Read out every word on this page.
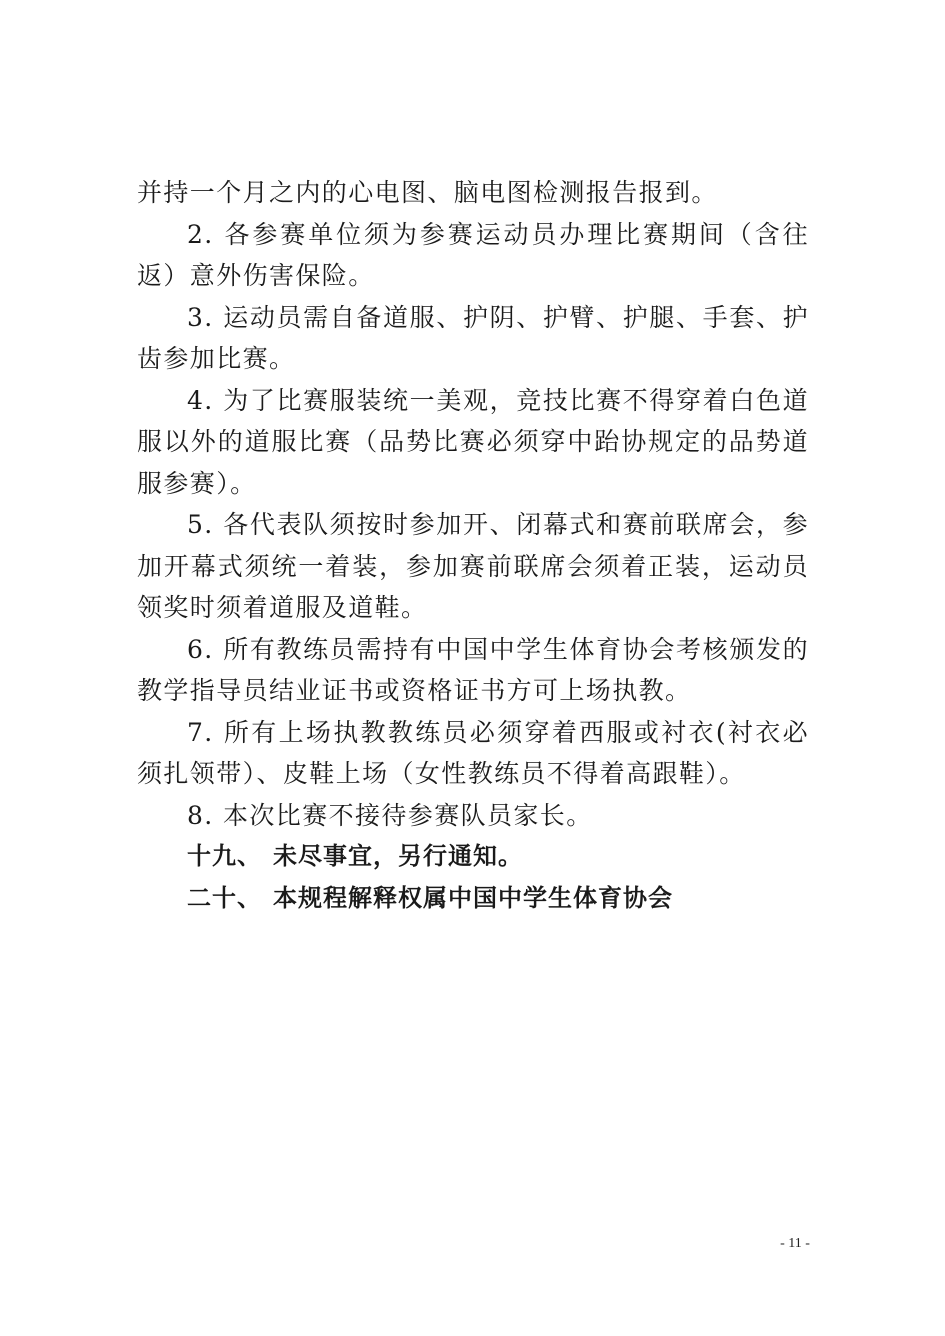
并持一个月之内的心电图、脑电图检测报告报到。

2. 各参赛单位须为参赛运动员办理比赛期间（含往返）意外伤害保险。

3. 运动员需自备道服、护阴、护臂、护腿、手套、护齿参加比赛。

4. 为了比赛服装统一美观，竞技比赛不得穿着白色道服以外的道服比赛（品势比赛必须穿中跆协规定的品势道服参赛）。

5. 各代表队须按时参加开、闭幕式和赛前联席会，参加开幕式须统一着装，参加赛前联席会须着正装，运动员领奖时须着道服及道鞋。

6. 所有教练员需持有中国中学生体育协会考核颁发的教学指导员结业证书或资格证书方可上场执教。

7. 所有上场执教教练员必须穿着西服或衬衣(衬衣必须扎领带）、皮鞋上场（女性教练员不得着高跟鞋）。

8. 本次比赛不接待参赛队员家长。

十九、 未尽事宜，另行通知。

二十、 本规程解释权属中国中学生体育协会

- 11 -
